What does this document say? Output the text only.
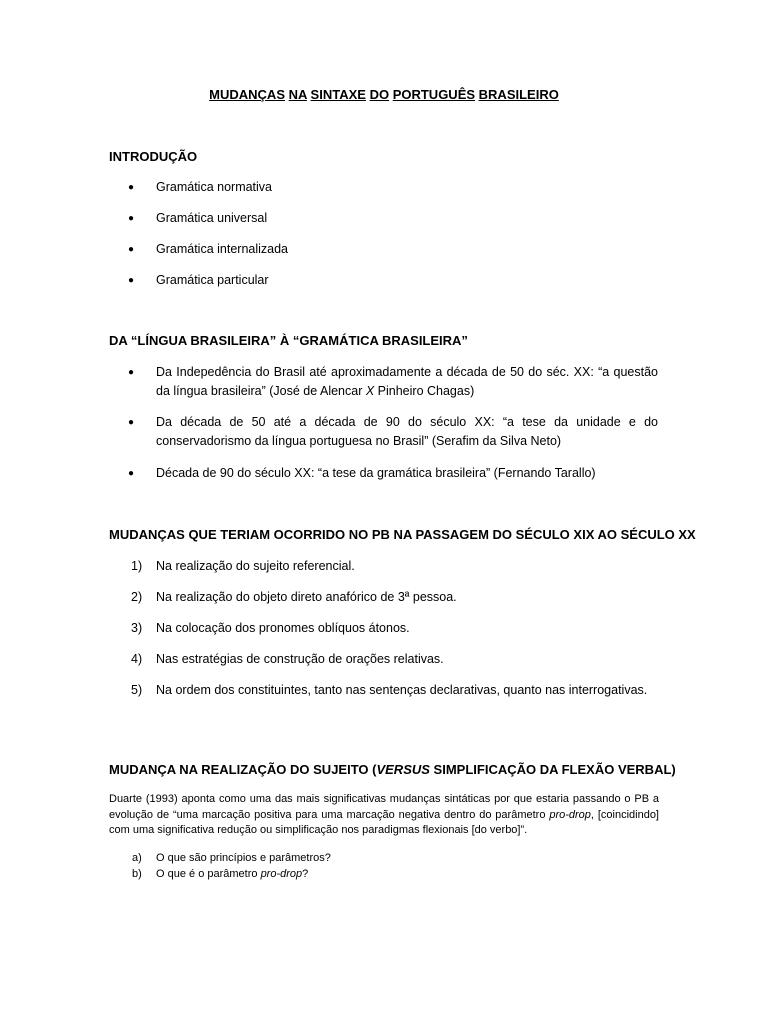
MUDANÇAS NA SINTAXE DO PORTUGUÊS BRASILEIRO
INTRODUÇÃO
●	Gramática normativa
●	Gramática universal
●	Gramática internalizada
●	Gramática particular
DA “LÍNGUA BRASILEIRA” À “GRAMÁTICA BRASILEIRA”
●	Da Indepedência do Brasil até aproximadamente a década de 50 do séc. XX: “a questão da língua brasileira” (José de Alencar X Pinheiro Chagas)
●	Da década de 50 até a década de 90 do século XX: “a tese da unidade e do conservadorismo da língua portuguesa no Brasil” (Serafim da Silva Neto)
●	Década de 90 do século XX: “a tese da gramática brasileira” (Fernando Tarallo)
MUDANÇAS QUE TERIAM OCORRIDO NO PB NA PASSAGEM DO SÉCULO XIX AO SÉCULO XX
1)	Na realização do sujeito referencial.
2)	Na realização do objeto direto anafórico de 3ª pessoa.
3)	Na colocação dos pronomes oblíquos átonos.
4)	Nas estratégias de construção de orações relativas.
5)	Na ordem dos constituintes, tanto nas sentenças declarativas, quanto nas interrogativas.
MUDANÇA NA REALIZAÇÃO DO SUJEITO (VERSUS SIMPLIFICAÇÃO DA FLEXÃO VERBAL)
Duarte (1993) aponta como uma das mais significativas mudanças sintáticas por que estaria passando o PB a evolução de “uma marcação positiva para uma marcação negativa dentro do parâmetro pro-drop, [coincidindo] com uma significativa redução ou simplificação nos paradigmas flexionais [do verbo]”.
a) O que são princípios e parâmetros?
b) O que é o parâmetro pro-drop?
